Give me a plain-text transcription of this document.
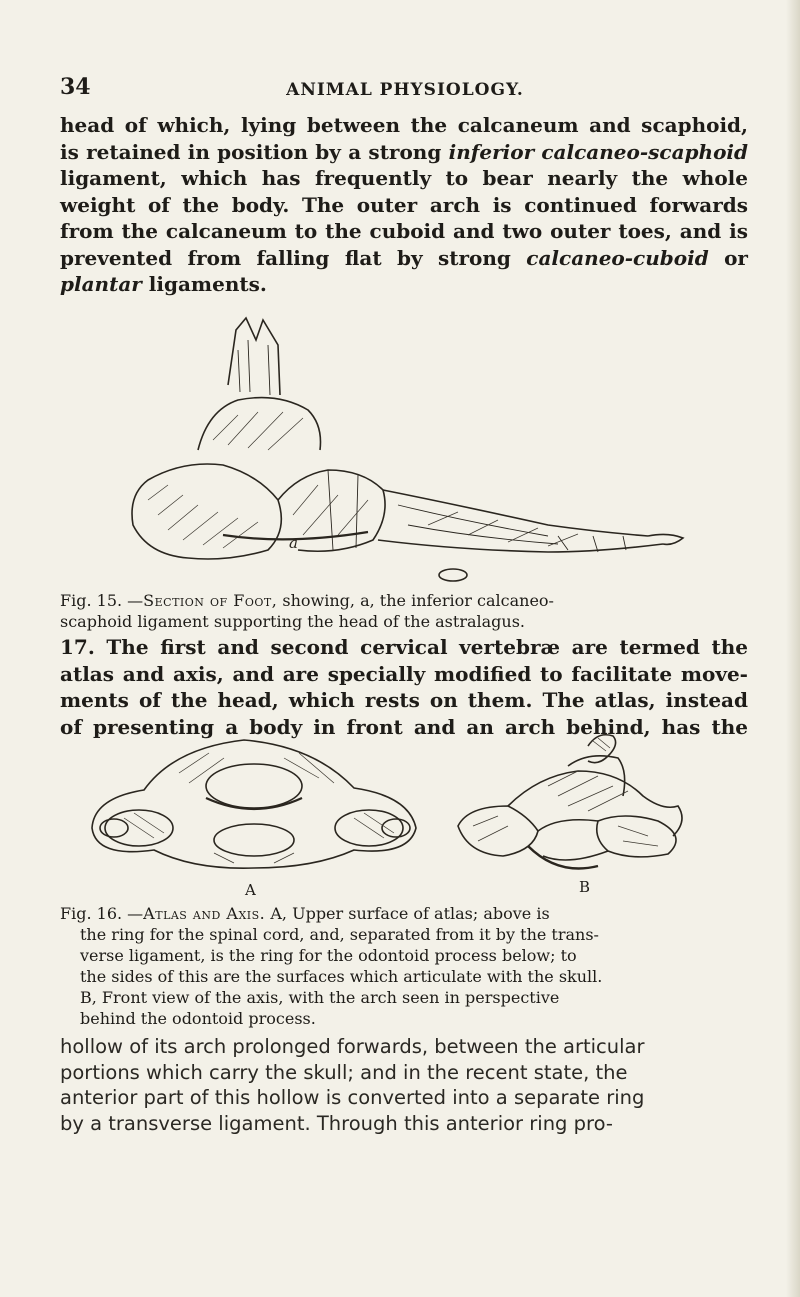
34	ANIMAL PHYSIOLOGY.

head of which, lying between the calcaneum and scaphoid,
is retained in position by a strong inferior calcaneo-scaphoid
ligament, which has frequently to bear nearly the whole
weight of the body. The outer arch is continued forwards
from the calcaneum to the cuboid and two outer toes, and is
prevented from falling flat by strong calcaneo-cuboid or
plantar ligaments.

a

Fig. 15. —Section of Foot, showing, a, the inferior calcaneo-
scaphoid ligament supporting the head of the astralagus.

17. The first and second cervical vertebræ are termed the
atlas and axis, and are specially modified to facilitate move-
ments of the head, which rests on them. The atlas, instead
of presenting a body in front and an arch behind, has the

A	B

Fig. 16. —Atlas and Axis. A, Upper surface of atlas; above is
the ring for the spinal cord, and, separated from it by the trans-
verse ligament, is the ring for the odontoid process below; to
the sides of this are the surfaces which articulate with the skull.
B, Front view of the axis, with the arch seen in perspective
behind the odontoid process.

hollow of its arch prolonged forwards, between the articular
portions which carry the skull; and in the recent state, the
anterior part of this hollow is converted into a separate ring
by a transverse ligament. Through this anterior ring pro-
